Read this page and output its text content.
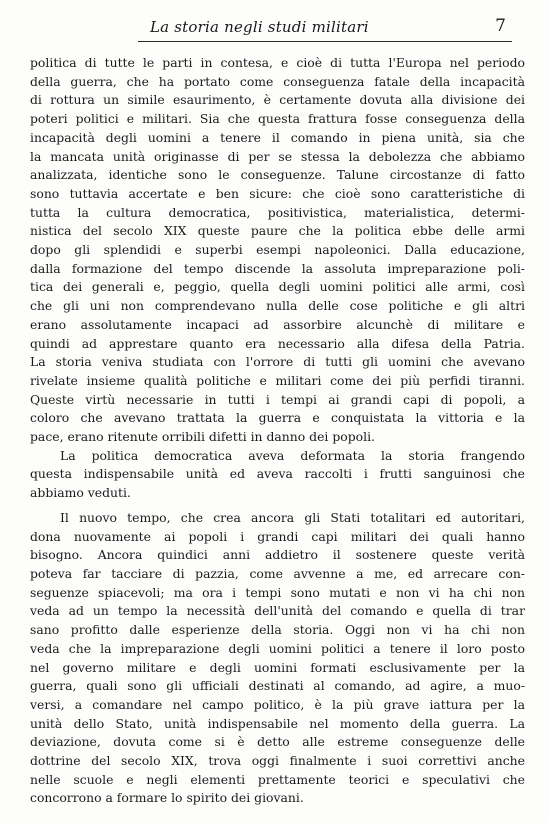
La storia negli studi militari	7
politica di tutte le parti in contesa, e cioè di tutta l'Europa nel periodo
della guerra, che ha portato come conseguenza fatale della incapacità
di rottura un simile esaurimento, è certamente dovuta alla divisione dei
poteri politici e militari. Sia che questa frattura fosse conseguenza della
incapacità degli uomini a tenere il comando in piena unità, sia che
la mancata unità originasse di per se stessa la debolezza che abbiamo
analizzata, identiche sono le conseguenze. Talune circostanze di fatto
sono tuttavia accertate e ben sicure: che cioè sono caratteristiche di
tutta la cultura democratica, positivistica, materialistica, determi-
nistica del secolo XIX queste paure che la politica ebbe delle armi
dopo gli splendidi e superbi esempi napoleonici. Dalla educazione,
dalla formazione del tempo discende la assoluta impreparazione poli-
tica dei generali e, peggio, quella degli uomini politici alle armi, così
che gli uni non comprendevano nulla delle cose politiche e gli altri
erano assolutamente incapaci ad assorbire alcunchè di militare e
quindi ad apprestare quanto era necessario alla difesa della Patria.
La storia veniva studiata con l'orrore di tutti gli uomini che avevano
rivelate insieme qualità politiche e militari come dei più perfidi tiranni.
Queste virtù necessarie in tutti i tempi ai grandi capi di popoli, a
coloro che avevano trattata la guerra e conquistata la vittoria e la
pace, erano ritenute orribili difetti in danno dei popoli.
La politica democratica aveva deformata la storia frangendo
questa indispensabile unità ed aveva raccolti i frutti sanguinosi che
abbiamo veduti.
Il nuovo tempo, che crea ancora gli Stati totalitari ed autoritari,
dona nuovamente ai popoli i grandi capi militari dei quali hanno
bisogno. Ancora quindici anni addietro il sostenere queste verità
poteva far tacciare di pazzia, come avvenne a me, ed arrecare con-
seguenze spiacevoli; ma ora i tempi sono mutati e non vi ha chi non
veda ad un tempo la necessità dell'unità del comando e quella di trar
sano profitto dalle esperienze della storia. Oggi non vi ha chi non
veda che la impreparazione degli uomini politici a tenere il loro posto
nel governo militare e degli uomini formati esclusivamente per la
guerra, quali sono gli ufficiali destinati al comando, ad agire, a muo-
versi, a comandare nel campo politico, è la più grave iattura per la
unità dello Stato, unità indispensabile nel momento della guerra. La
deviazione, dovuta come si è detto alle estreme conseguenze delle
dottrine del secolo XIX, trova oggi finalmente i suoi correttivi anche
nelle scuole e negli elementi prettamente teorici e speculativi che
concorrono a formare lo spirito dei giovani.
